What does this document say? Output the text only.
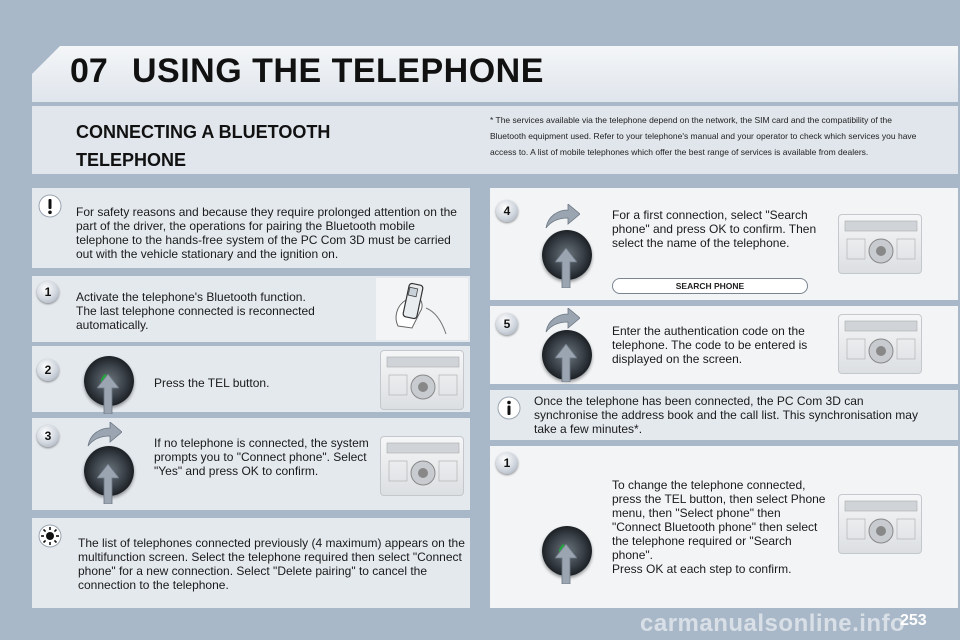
07 USING THE TELEPHONE
CONNECTING A BLUETOOTH TELEPHONE
* The services available via the telephone depend on the network, the SIM card and the compatibility of the Bluetooth equipment used. Refer to your telephone's manual and your operator to check which services you have access to. A list of mobile telephones which offer the best range of services is available from dealers.
For safety reasons and because they require prolonged attention on the part of the driver, the operations for pairing the Bluetooth mobile telephone to the hands-free system of the PC Com 3D must be carried out with the vehicle stationary and the ignition on.
1	Activate the telephone's Bluetooth function.
The last telephone connected is reconnected automatically.
2
Press the TEL button.
3	If no telephone is connected, the system prompts you to "Connect phone". Select "Yes" and press OK to confirm.
The list of telephones connected previously (4 maximum) appears on the multifunction screen. Select the telephone required then select "Connect phone" for a new connection. Select "Delete pairing" to cancel the connection to the telephone.
4	For a first connection, select "Search phone" and press OK to confirm. Then select the name of the telephone.
SEARCH PHONE
5	Enter the authentication code on the telephone. The code to be entered is displayed on the screen.
Once the telephone has been connected, the PC Com 3D can synchronise the address book and the call list. This synchronisation may take a few minutes*.
1
To change the telephone connected, press the TEL button, then select Phone menu, then "Select phone" then "Connect Bluetooth phone" then select the telephone required or "Search phone".
Press OK at each step to confirm.
253
carmanualsonline.info
